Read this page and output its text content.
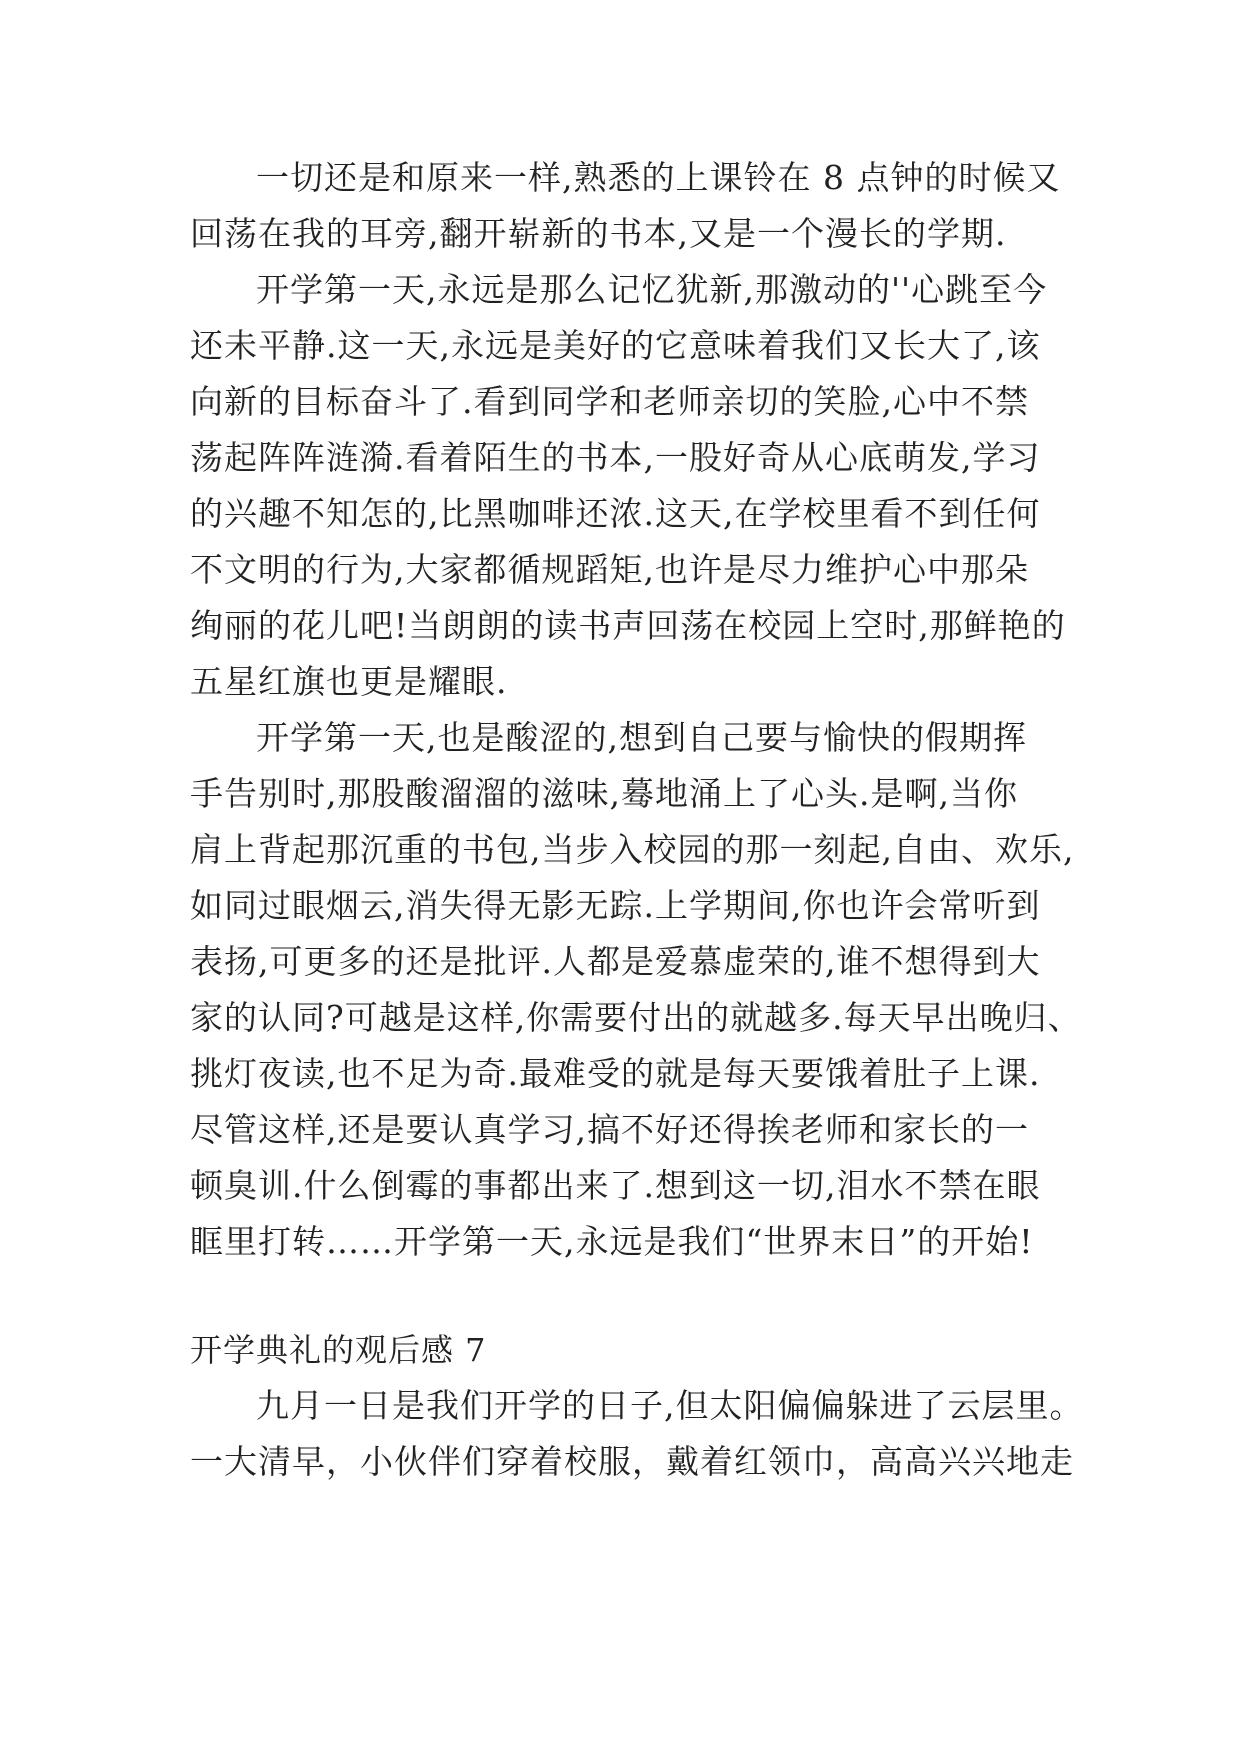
一切还是和原来一样,熟悉的上课铃在 8 点钟的时候又
回荡在我的耳旁,翻开崭新的书本,又是一个漫长的学期.
开学第一天,永远是那么记忆犹新,那激动的''心跳至今
还未平静.这一天,永远是美好的它意味着我们又长大了,该
向新的目标奋斗了.看到同学和老师亲切的笑脸,心中不禁
荡起阵阵涟漪.看着陌生的书本,一股好奇从心底萌发,学习
的兴趣不知怎的,比黑咖啡还浓.这天,在学校里看不到任何
不文明的行为,大家都循规蹈矩,也许是尽力维护心中那朵
绚丽的花儿吧!当朗朗的读书声回荡在校园上空时,那鲜艳的
五星红旗也更是耀眼.
开学第一天,也是酸涩的,想到自己要与愉快的假期挥
手告别时,那股酸溜溜的滋味,蓦地涌上了心头.是啊,当你
肩上背起那沉重的书包,当步入校园的那一刻起,自由、欢乐,
如同过眼烟云,消失得无影无踪.上学期间,你也许会常听到
表扬,可更多的还是批评.人都是爱慕虚荣的,谁不想得到大
家的认同?可越是这样,你需要付出的就越多.每天早出晚归、
挑灯夜读,也不足为奇.最难受的就是每天要饿着肚子上课.
尽管这样,还是要认真学习,搞不好还得挨老师和家长的一
顿臭训.什么倒霉的事都出来了.想到这一切,泪水不禁在眼
眶里打转……开学第一天,永远是我们“世界末日”的开始!
开学典礼的观后感 7
九月一日是我们开学的日子,但太阳偏偏躲进了云层里。
一大清早，小伙伴们穿着校服，戴着红领巾，高高兴兴地走
